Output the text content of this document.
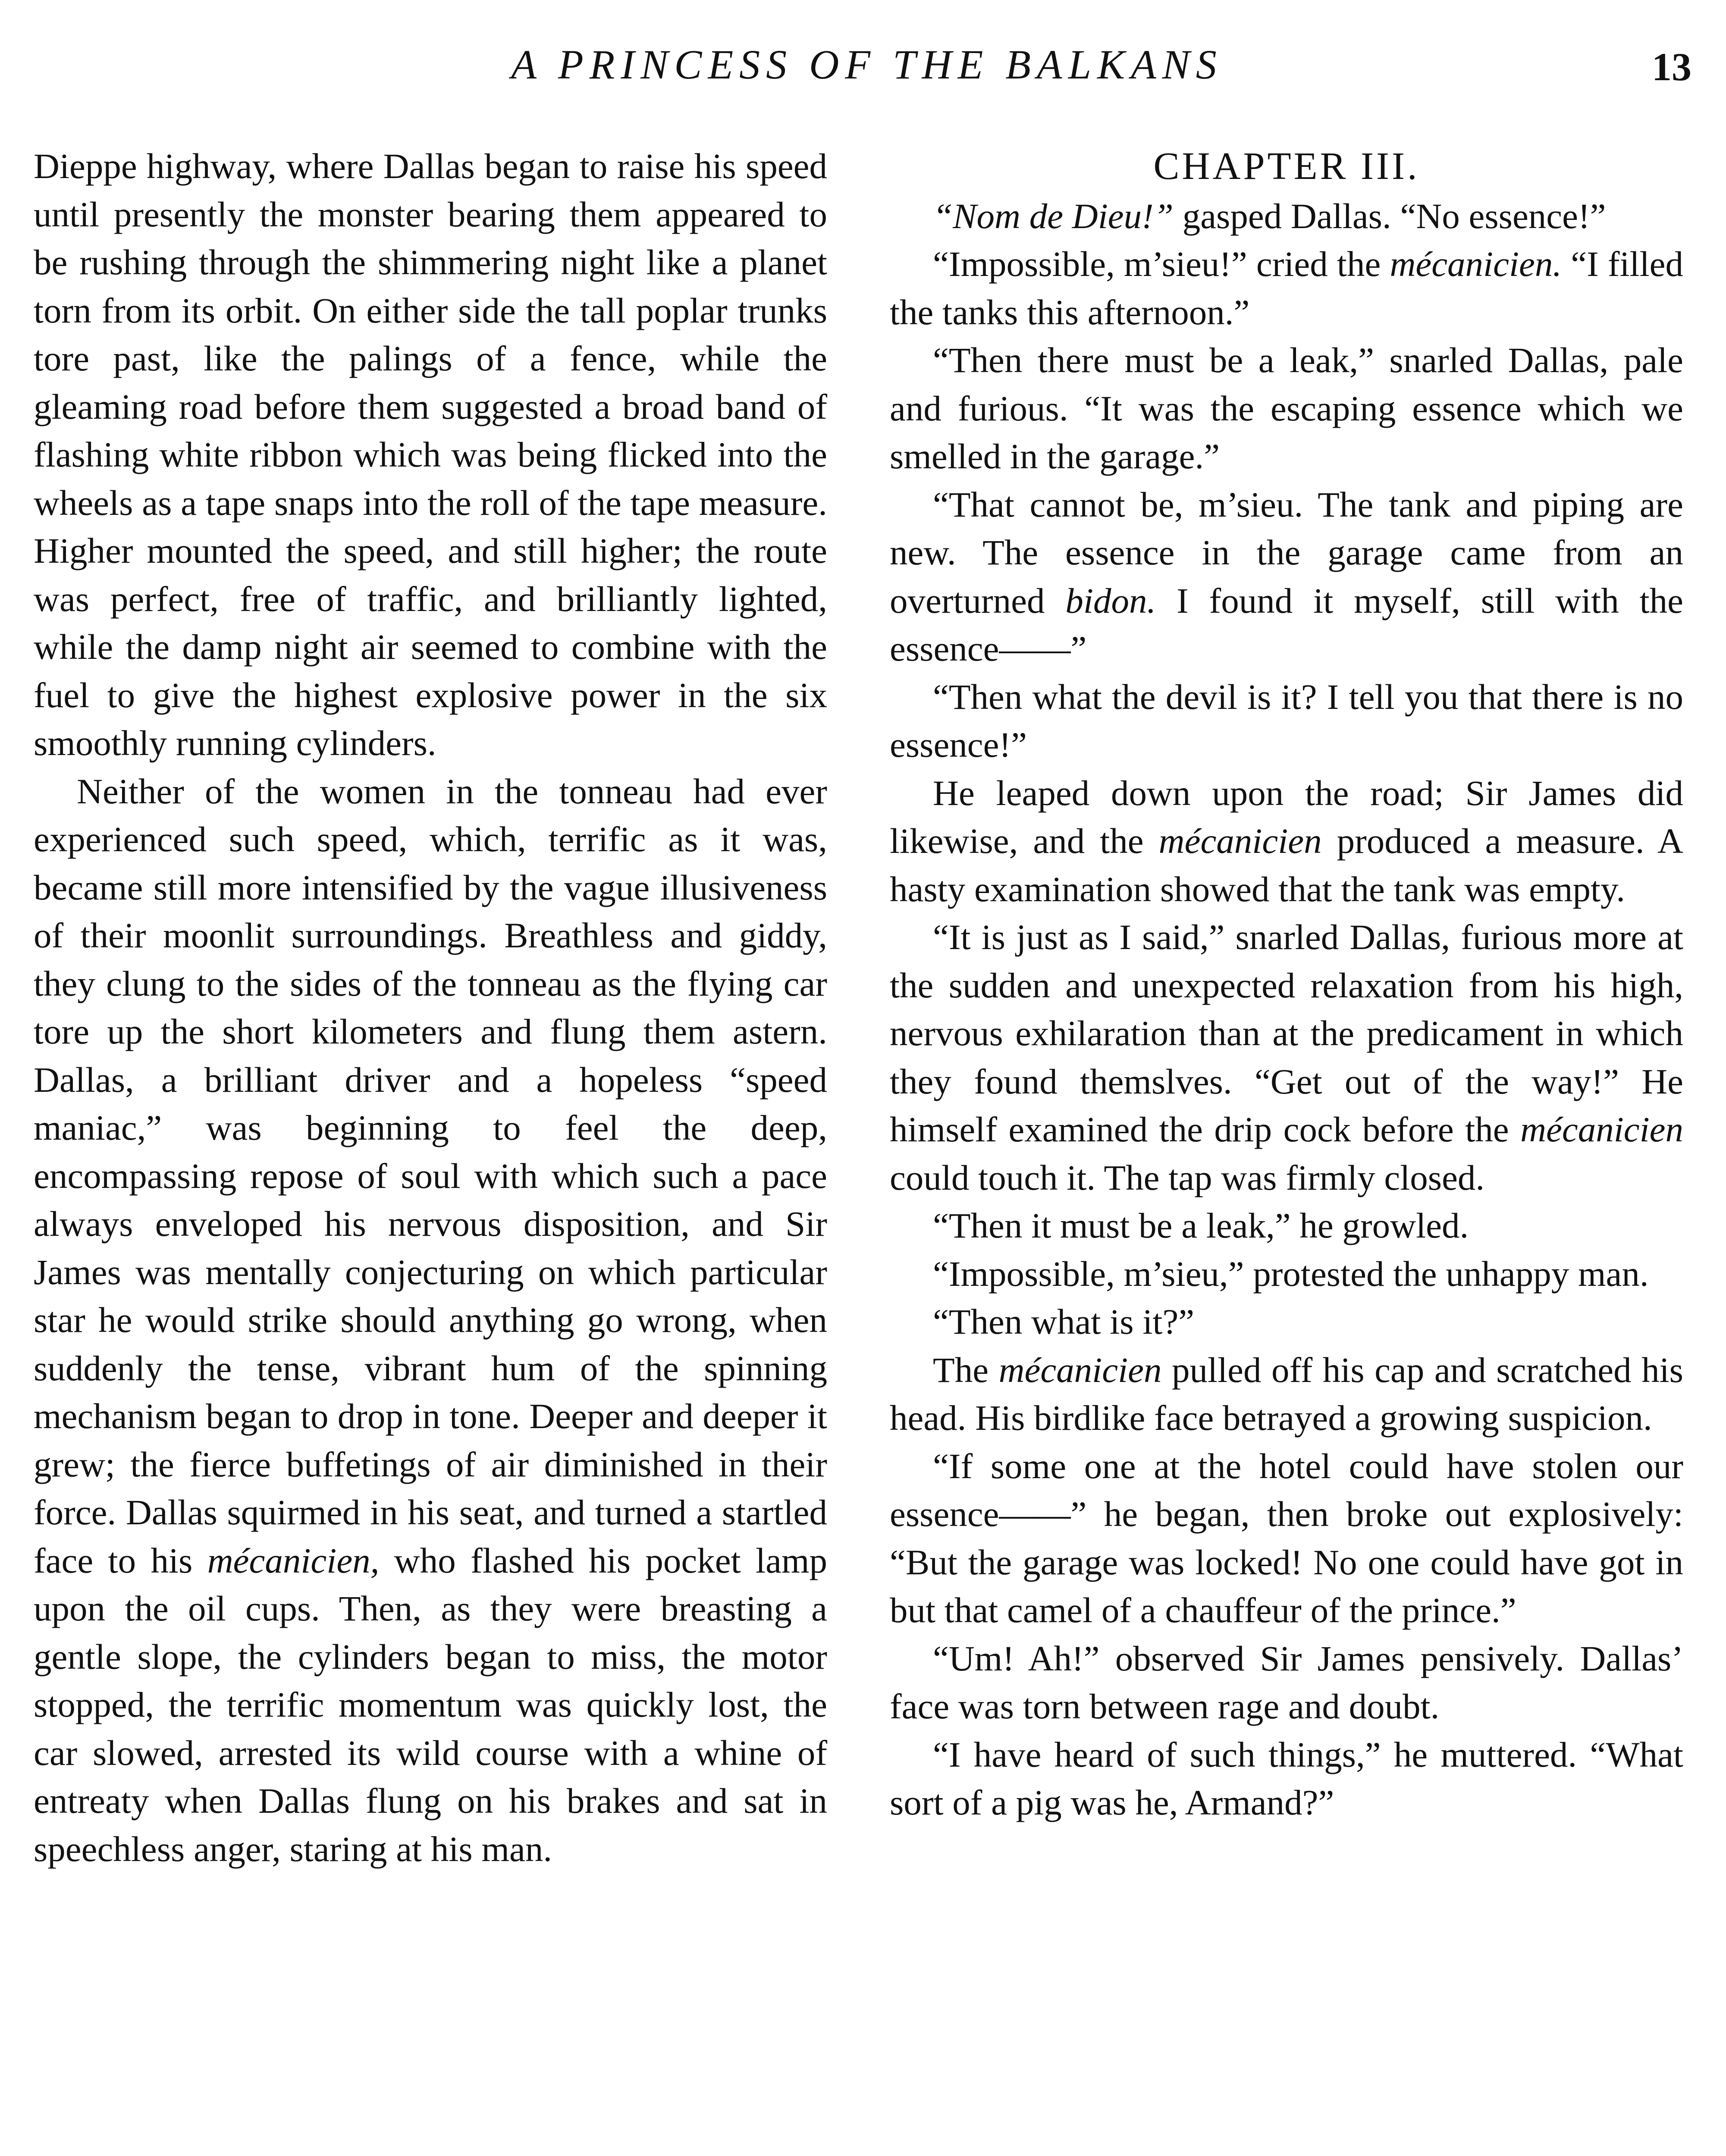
A PRINCESS OF THE BALKANS	13

Dieppe highway, where Dallas began to raise his speed until presently the monster bearing them appeared to be rushing through the shimmering night like a planet torn from its orbit. On either side the tall poplar trunks tore past, like the palings of a fence, while the gleaming road before them suggested a broad band of flashing white ribbon which was being flicked into the wheels as a tape snaps into the roll of the tape measure. Higher mounted the speed, and still higher; the route was perfect, free of traffic, and brilliantly lighted, while the damp night air seemed to combine with the fuel to give the highest explosive power in the six smoothly running cylinders.

Neither of the women in the tonneau had ever experienced such speed, which, terrific as it was, became still more intensified by the vague illusiveness of their moonlit surroundings. Breathless and giddy, they clung to the sides of the tonneau as the flying car tore up the short kilometers and flung them astern. Dallas, a brilliant driver and a hopeless “speed maniac,” was beginning to feel the deep, encompassing repose of soul with which such a pace always enveloped his nervous disposition, and Sir James was mentally conjecturing on which particular star he would strike should anything go wrong, when suddenly the tense, vibrant hum of the spinning mechanism began to drop in tone. Deeper and deeper it grew; the fierce buffetings of air diminished in their force. Dallas squirmed in his seat, and turned a startled face to his mécanicien, who flashed his pocket lamp upon the oil cups. Then, as they were breasting a gentle slope, the cylinders began to miss, the motor stopped, the terrific momentum was quickly lost, the car slowed, arrested its wild course with a whine of entreaty when Dallas flung on his brakes and sat in speechless anger, staring at his man.

CHAPTER III.

“Nom de Dieu!” gasped Dallas. “No essence!”

“Impossible, m’sieu!” cried the mécanicien. “I filled the tanks this afternoon.”

“Then there must be a leak,” snarled Dallas, pale and furious. “It was the escaping essence which we smelled in the garage.”

“That cannot be, m’sieu. The tank and piping are new. The essence in the garage came from an overturned bidon. I found it myself, still with the essence——”

“Then what the devil is it? I tell you that there is no essence!”

He leaped down upon the road; Sir James did likewise, and the mécanicien produced a measure. A hasty examination showed that the tank was empty.

“It is just as I said,” snarled Dallas, furious more at the sudden and unexpected relaxation from his high, nervous exhilaration than at the predicament in which they found themslves. “Get out of the way!” He himself examined the drip cock before the mécanicien could touch it. The tap was firmly closed.

“Then it must be a leak,” he growled.

“Impossible, m’sieu,” protested the unhappy man.

“Then what is it?”

The mécanicien pulled off his cap and scratched his head. His birdlike face betrayed a growing suspicion.

“If some one at the hotel could have stolen our essence——” he began, then broke out explosively: “But the garage was locked! No one could have got in but that camel of a chauffeur of the prince.”

“Um! Ah!” observed Sir James pensively. Dallas’ face was torn between rage and doubt.

“I have heard of such things,” he muttered. “What sort of a pig was he, Armand?”
